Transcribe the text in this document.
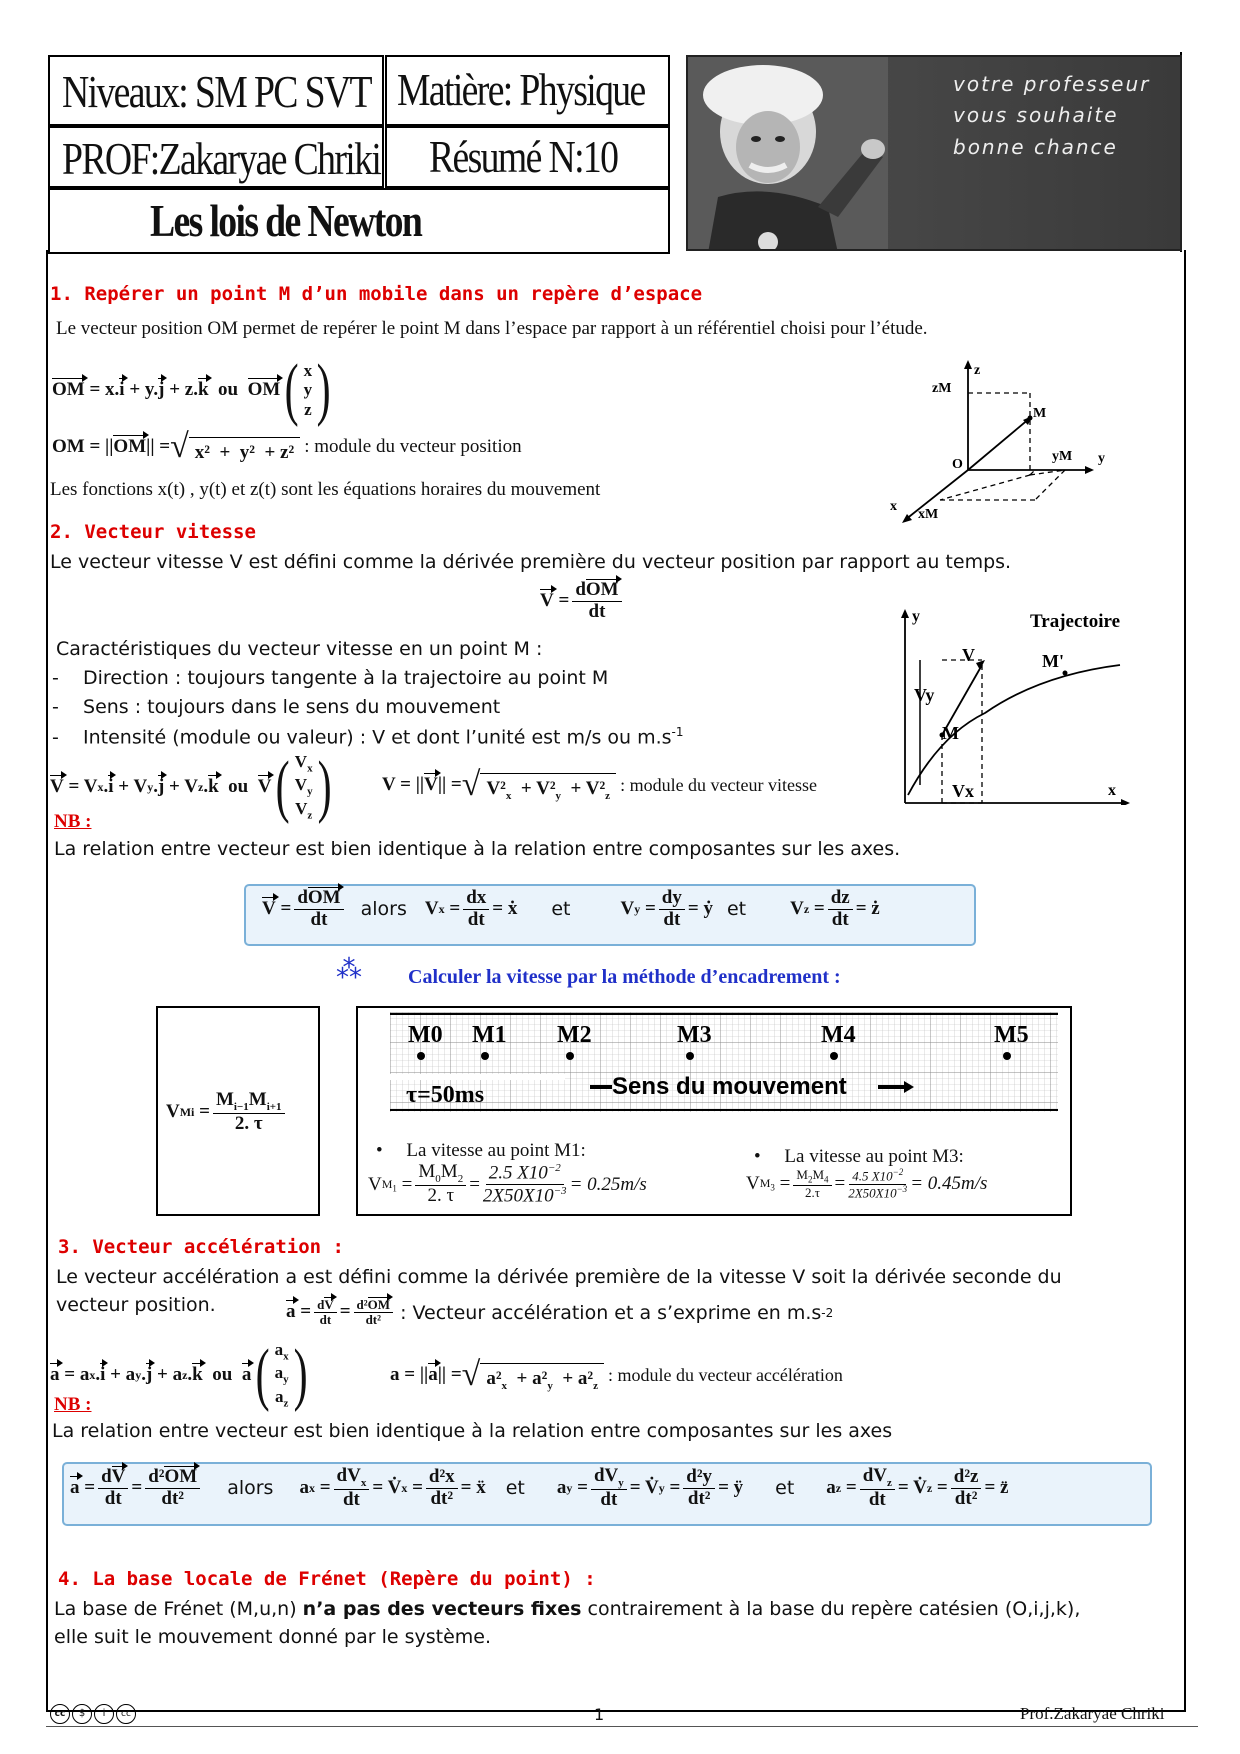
Niveaux: SM PC SVT Matière: Physique
PROF:Zakaryae Chriki Résumé N:10
Les lois de Newton
votre professeur
vous souhaite
bonne chance
1. Repérer un point M d’un mobile dans un repère d’espace
Le vecteur position OM permet de repérer le point M dans l’espace par rapport à un référentiel choisi pour l’étude.
OM = x. i + y. j + z. k ou OM ( x
y
z )
OM = ||OM|| = √ x²  +  y²  + z² : module du vecteur position
Les fonctions x(t) , y(t) et z(t) sont les équations horaires du mouvement
z
zM
M
O
yM y
x
xM
2. Vecteur vitesse
Le vecteur vitesse V est défini comme la dérivée première du vecteur position par rapport au temps.
$V = \frac{\text{dOM}}{dt}$
Caractéristiques du vecteur vitesse en un point M :
-    Direction : toujours tangente à la trajectoire au point M
-    Sens : toujours dans le sens du mouvement
-    Intensité (module ou valeur) : V et dont l’unité est m/s ou $m.s^{-1}$
V = V x . i + V y . j + V z . k ou V ( $V_x$
$V_y$
$V_z$ )	V = ||V|| = √ $V^2_x + V^2_y + V^2_z$
: module du vecteur vitesse
NB :
La relation entre vecteur est bien identique à la relation entre composantes sur les axes.
y	Trajectoire
V	M'
Vy
M
Vx	x
$V = \frac{\text{dOM}}{dt}$ alors V $x = \frac{dx}{dt}$ = ẋ et	V $y = \frac{dy}{dt}$ = ẏ et V $z = \frac{dz}{dt}$ = ż
⁂ Calculer la vitesse par la méthode d’encadrement :
V $Mi = \frac{M_{i-1}M_{i+1}}{2. \tau}$
M0 M1 M2	M3	M4	M5
τ=50ms	Sens du mouvement
•     La vitesse au point M1:
V $M_1 = \frac{M_0M_2}{2. \tau} = \frac{2.5 X10^{-2}}{2X50X10^{-3}} = 0.25m/s$
•     La vitesse au point M3:
V $M_3 = \frac{M_2M_4}{2.\tau} = \frac{4.5 X10^{-2}}{2X50X10^{-3}} = 0.45m/s$
3. Vecteur accélération :
Le vecteur accélération a est défini comme la dérivée première de la vitesse V soit la dérivée seconde du
vecteur position.	$a = \frac{dV}{dt} = \frac{\text{d²OM}}{\text{dt²}}$ : Vecteur accélération et a s’exprime en m.s -2
a = a x . i + a y . j + a z . k ou a ( $a_x$
$a_y$
$a_z$ )	a = ||a|| = √ $a^2_x + a^2_y + a^2_z$
: module du vecteur accélération
NB :
La relation entre vecteur est bien identique à la relation entre composantes sur les axes
$a = \frac{dV}{dt} = \frac{\text{d²OM}}{\text{dt²}}$ alors a $x = \frac{dV_x}{dt}$ = V̇ $x = \frac{\text{d²x}}{\text{dt²}}$ = ẍ et a $y = \frac{dV_y}{dt}$ = V̇ $y = \frac{\text{d²y}}{\text{dt²}}$ = ÿ et a $z = \frac{dV_z}{dt}$ = V̇ $z = \frac{\text{d²z}}{\text{dt²}}$ = z̈
4. La base locale de Frénet (Repère du point) :
La base de Frénet (M,u,n) n’a pas des vecteurs fixes contrairement à la base du repère catésien (O,i,j,k),
elle suit le mouvement donné par le système.
cc	$	i	cc	1	Prof.Zakaryae Chriki
